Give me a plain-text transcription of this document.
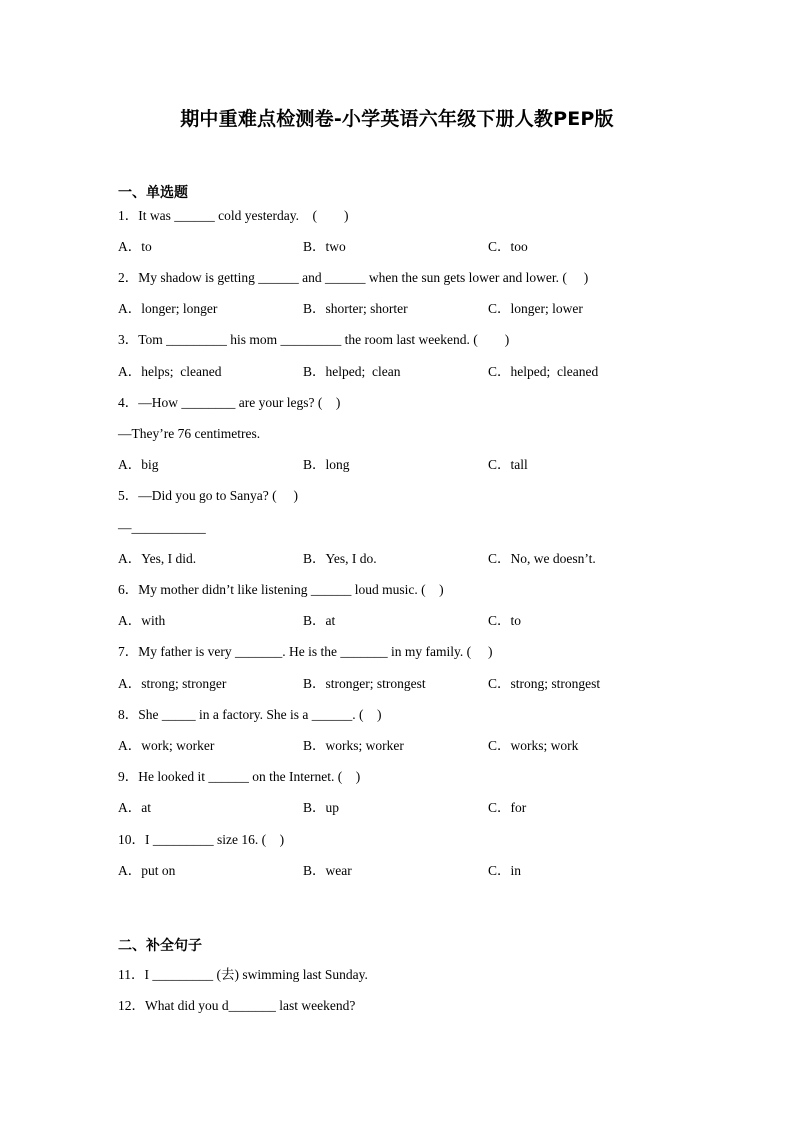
期中重难点检测卷-小学英语六年级下册人教PEP版
一、单选题
1．It was ______ cold yesterday.　(　　)
A．to	B．two	C．too
2．My shadow is getting ______ and ______ when the sun gets lower and lower. (　 )
A．longer; longer	B．shorter; shorter	C．longer; lower
3．Tom _________ his mom _________ the room last weekend. (　　)
A．helps;  cleaned	B．helped;  clean	C．helped;  cleaned
4．—How ________ are your legs? (　)
—They’re 76 centimetres.
A．big	B．long	C．tall
5．—Did you go to Sanya? (　 )
—___________
A．Yes, I did.	B．Yes, I do.	C．No, we doesn’t.
6．My mother didn’t like listening ______ loud music. (　)
A．with	B．at	C．to
7．My father is very _______. He is the _______ in my family. (　 )
A．strong; stronger	B．stronger; strongest	C．strong; strongest
8．She _____ in a factory. She is a ______. (　)
A．work; worker	B．works; worker	C．works; work
9．He looked it ______ on the Internet. (　)
A．at	B．up	C．for
10．I _________ size 16. (　)
A．put on	B．wear	C．in
二、补全句子
11．I _________ (去) swimming last Sunday.
12．What did you d_______ last weekend?
